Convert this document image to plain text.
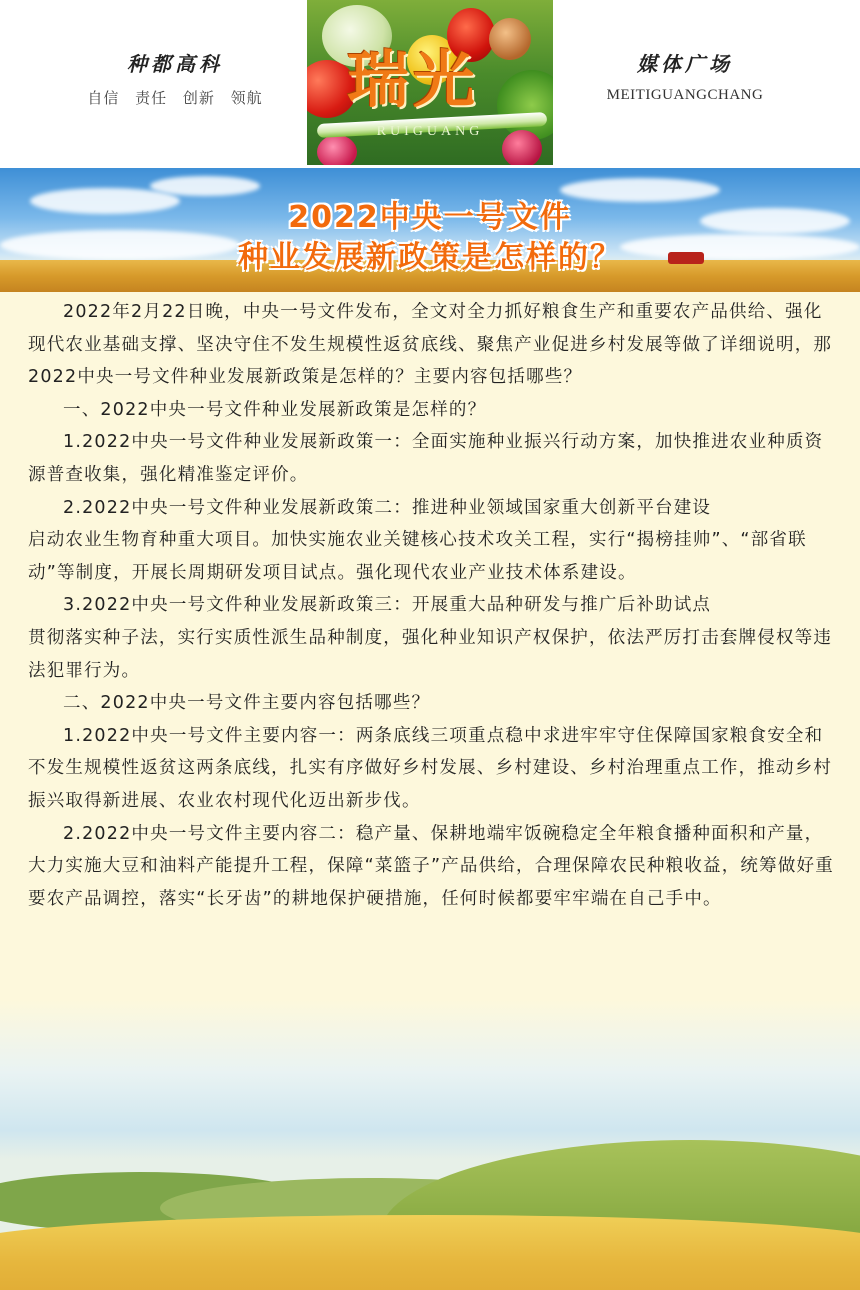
种都高科
自信 责任 创新 领航	瑞光
RUIGUANG
媒体广场
MEITIGUANGCHANG
2022中央一号文件
种业发展新政策是怎样的？

2022年2月22日晚，中央一号文件发布，全文对全力抓好粮食生产和重要农产品供给、强化现代农业基础支撑、坚决守住不发生规模性返贫底线、聚焦产业促进乡村发展等做了详细说明，那2022中央一号文件种业发展新政策是怎样的？主要内容包括哪些？

一、2022中央一号文件种业发展新政策是怎样的？

1.2022中央一号文件种业发展新政策一：全面实施种业振兴行动方案，加快推进农业种质资源普查收集，强化精准鉴定评价。

2.2022中央一号文件种业发展新政策二：推进种业领域国家重大创新平台建设

启动农业生物育种重大项目。加快实施农业关键核心技术攻关工程，实行“揭榜挂帅”、“部省联动”等制度，开展长周期研发项目试点。强化现代农业产业技术体系建设。

3.2022中央一号文件种业发展新政策三：开展重大品种研发与推广后补助试点

贯彻落实种子法，实行实质性派生品种制度，强化种业知识产权保护，依法严厉打击套牌侵权等违法犯罪行为。

二、2022中央一号文件主要内容包括哪些？

1.2022中央一号文件主要内容一：两条底线三项重点稳中求进牢牢守住保障国家粮食安全和不发生规模性返贫这两条底线，扎实有序做好乡村发展、乡村建设、乡村治理重点工作，推动乡村振兴取得新进展、农业农村现代化迈出新步伐。

2.2022中央一号文件主要内容二：稳产量、保耕地端牢饭碗稳定全年粮食播种面积和产量，大力实施大豆和油料产能提升工程，保障“菜篮子”产品供给，合理保障农民种粮收益，统筹做好重要农产品调控，落实“长牙齿”的耕地保护硬措施，任何时候都要牢牢端在自己手中。
